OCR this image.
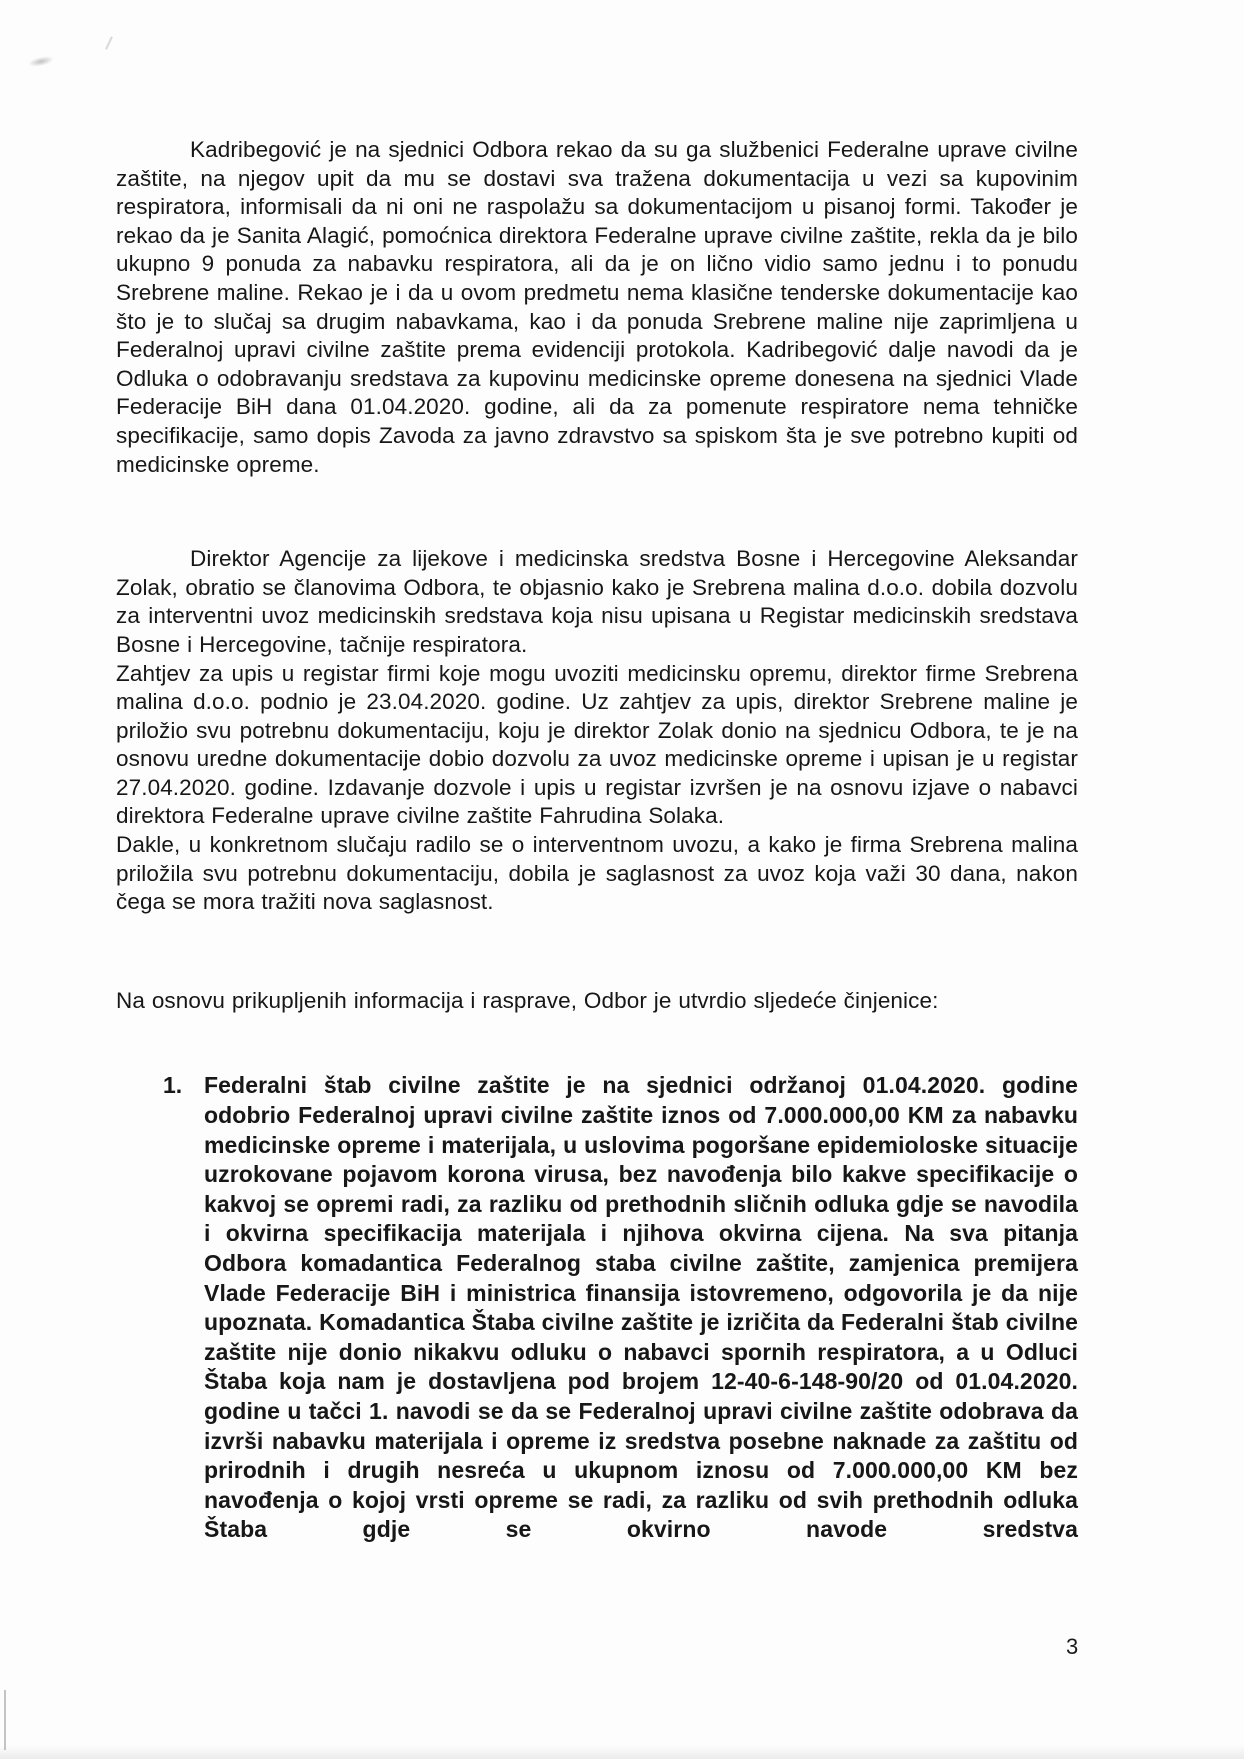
Kadribegović je na sjednici Odbora rekao da su ga službenici Federalne uprave civilne zaštite, na njegov upit da mu se dostavi sva tražena dokumentacija u vezi sa kupovinim respiratora, informisali da ni oni ne raspolažu sa dokumentacijom u pisanoj formi. Također je rekao da je Sanita Alagić, pomoćnica direktora Federalne uprave civilne zaštite, rekla da je bilo ukupno 9 ponuda za nabavku respiratora, ali da je on lično vidio samo jednu i to ponudu Srebrene maline. Rekao je i da u ovom predmetu nema klasične tenderske dokumentacije kao što je to slučaj sa drugim nabavkama, kao i da ponuda Srebrene maline nije zaprimljena u Federalnoj upravi civilne zaštite prema evidenciji protokola. Kadribegović dalje navodi da je Odluka o odobravanju sredstava za kupovinu medicinske opreme donesena na sjednici Vlade Federacije BiH dana 01.04.2020. godine, ali da za pomenute respiratore nema tehničke specifikacije, samo dopis Zavoda za javno zdravstvo sa spiskom šta je sve potrebno kupiti od medicinske opreme.

Direktor Agencije za lijekove i medicinska sredstva Bosne i Hercegovine Aleksandar Zolak, obratio se članovima Odbora, te objasnio kako je Srebrena malina d.o.o. dobila dozvolu za interventni uvoz medicinskih sredstava koja nisu upisana u Registar medicinskih sredstava Bosne i Hercegovine, tačnije respiratora.

Zahtjev za upis u registar firmi koje mogu uvoziti medicinsku opremu, direktor firme Srebrena malina d.o.o. podnio je 23.04.2020. godine. Uz zahtjev za upis, direktor Srebrene maline je priložio svu potrebnu dokumentaciju, koju je direktor Zolak donio na sjednicu Odbora, te je na osnovu uredne dokumentacije dobio dozvolu za uvoz medicinske opreme i upisan je u registar 27.04.2020. godine. Izdavanje dozvole i upis u registar izvršen je na osnovu izjave o nabavci direktora Federalne uprave civilne zaštite Fahrudina Solaka.

Dakle, u konkretnom slučaju radilo se o interventnom uvozu, a kako je firma Srebrena malina priložila svu potrebnu dokumentaciju, dobila je saglasnost za uvoz koja važi 30 dana, nakon čega se mora tražiti nova saglasnost.

Na osnovu prikupljenih informacija i rasprave, Odbor je utvrdio sljedeće činjenice:

1. Federalni štab civilne zaštite je na sjednici održanoj 01.04.2020. godine odobrio Federalnoj upravi civilne zaštite iznos od 7.000.000,00 KM za nabavku medicinske opreme i materijala, u uslovima pogoršane epidemioloske situacije uzrokovane pojavom korona virusa, bez navođenja bilo kakve specifikacije o kakvoj se opremi radi, za razliku od prethodnih sličnih odluka gdje se navodila i okvirna specifikacija materijala i njihova okvirna cijena. Na sva pitanja Odbora komadantica Federalnog staba civilne zaštite, zamjenica premijera Vlade Federacije BiH i ministrica finansija istovremeno, odgovorila je da nije upoznata. Komadantica Štaba civilne zaštite je izričita da Federalni štab civilne zaštite nije donio nikakvu odluku o nabavci spornih respiratora, a u Odluci Štaba koja nam je dostavljena pod brojem 12-40-6-148-90/20 od 01.04.2020. godine u tačci 1. navodi se da se Federalnoj upravi civilne zaštite odobrava da izvrši nabavku materijala i opreme iz sredstva posebne naknade za zaštitu od prirodnih i drugih nesreća u ukupnom iznosu od 7.000.000,00 KM bez navođenja o kojoj vrsti opreme se radi, za razliku od svih prethodnih odluka Štaba gdje se okvirno navode sredstva

3
